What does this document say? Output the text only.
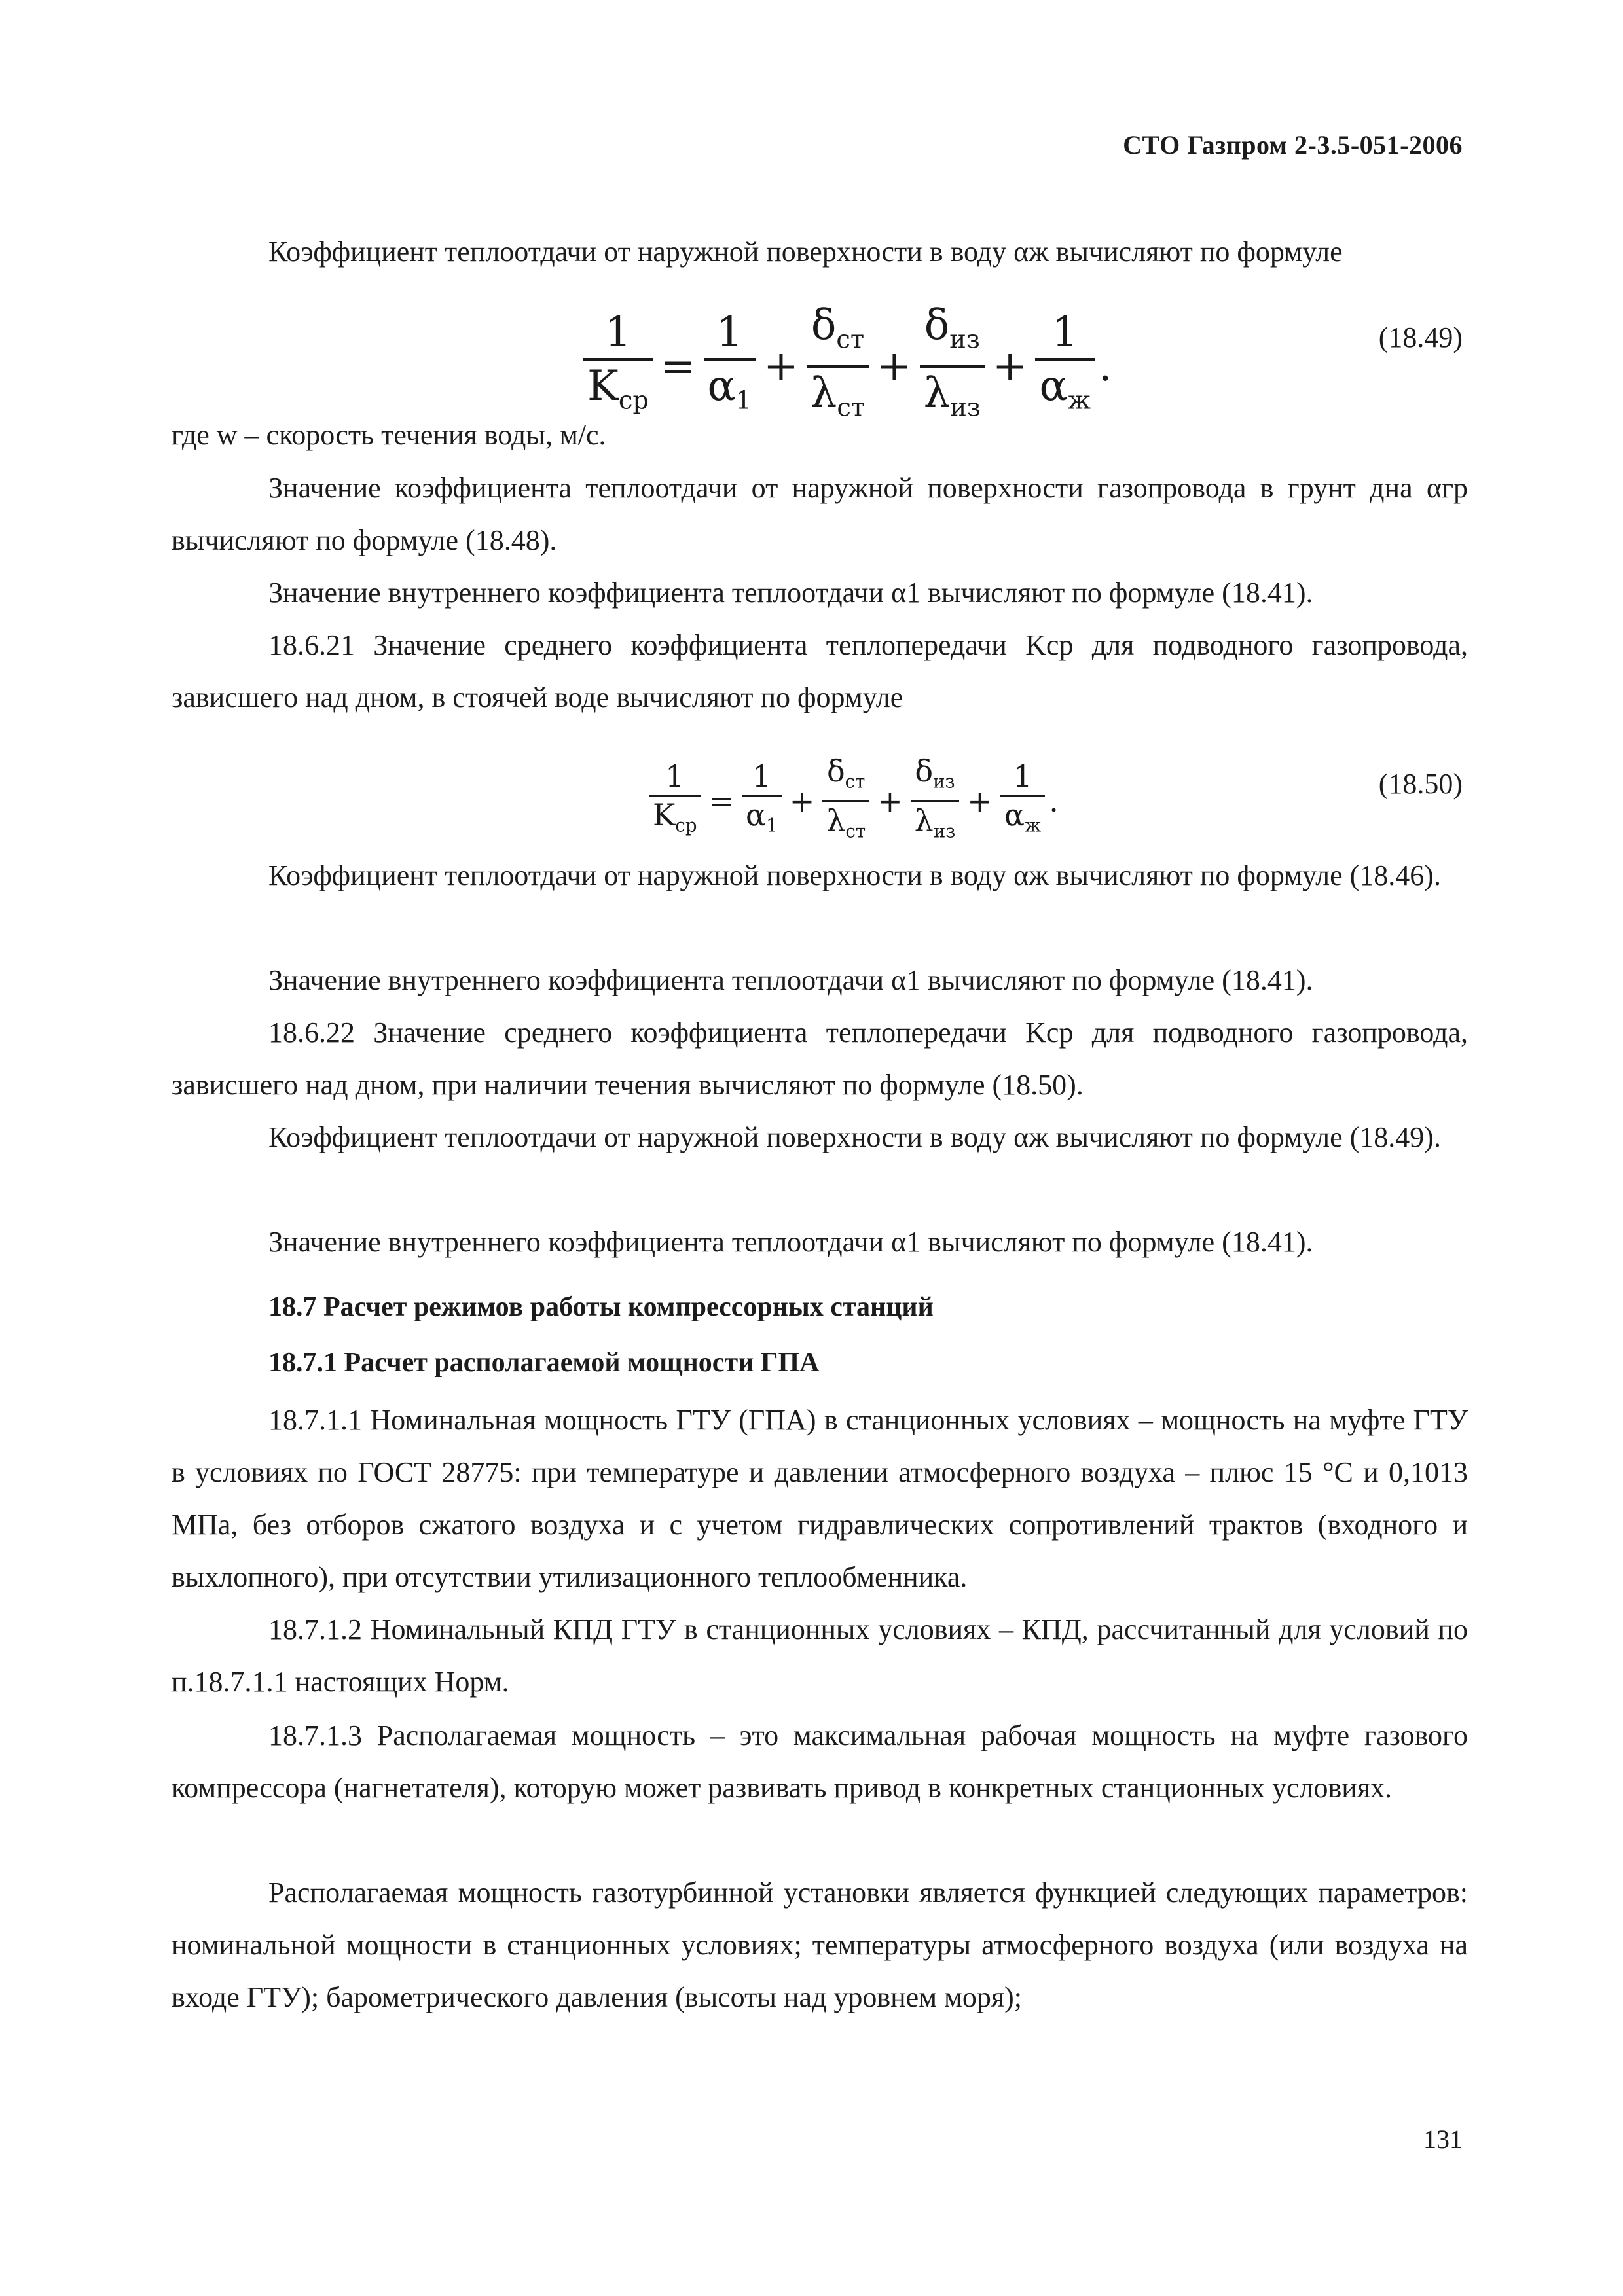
СТО Газпром 2-3.5-051-2006

Коэффициент теплоотдачи от наружной поверхности в воду αж вычисляют по формуле

$\frac{1}{K_{ср}} = \frac{1}{\alpha_1} + \frac{\delta_{ст}}{\lambda_{ст}} + \frac{\delta_{из}}{\lambda_{из}} + \frac{1}{\alpha_ж}$ .
(18.49)

где w – скорость течения воды, м/с.

Значение коэффициента теплоотдачи от наружной поверхности газопровода в грунт дна αгр вычисляют по формуле (18.48).

Значение внутреннего коэффициента теплоотдачи α1 вычисляют по формуле (18.41).

18.6.21 Значение среднего коэффициента теплопередачи Kср для подводного газопровода, зависшего над дном, в стоячей воде вычисляют по формуле

$\frac{1}{K_{ср}} = \frac{1}{\alpha_1} + \frac{\delta_{ст}}{\lambda_{ст}} + \frac{\delta_{из}}{\lambda_{из}} + \frac{1}{\alpha_ж}$ .	(18.50)

Коэффициент теплоотдачи от наружной поверхности в воду αж вычисляют по формуле (18.46).

Значение внутреннего коэффициента теплоотдачи α1 вычисляют по формуле (18.41).

18.6.22 Значение среднего коэффициента теплопередачи Kср для подводного газопровода, зависшего над дном, при наличии течения вычисляют по формуле (18.50).

Коэффициент теплоотдачи от наружной поверхности в воду αж вычисляют по формуле (18.49).

Значение внутреннего коэффициента теплоотдачи α1 вычисляют по формуле (18.41).

18.7 Расчет режимов работы компрессорных станций
18.7.1 Расчет располагаемой мощности ГПА

18.7.1.1 Номинальная мощность ГТУ (ГПА) в станционных условиях – мощность на муфте ГТУ в условиях по ГОСТ 28775: при температуре и давлении атмосферного воздуха – плюс 15 °С и 0,1013 МПа, без отборов сжатого воздуха и с учетом гидравлических сопротивлений трактов (входного и выхлопного), при отсутствии утилизационного теплообменника.

18.7.1.2 Номинальный КПД ГТУ в станционных условиях – КПД, рассчитанный для условий по п.18.7.1.1 настоящих Норм.

18.7.1.3 Располагаемая мощность – это максимальная рабочая мощность на муфте газового компрессора (нагнетателя), которую может развивать привод в конкретных станционных условиях.

Располагаемая мощность газотурбинной установки является функцией следующих параметров: номинальной мощности в станционных условиях; температуры атмосферного воздуха (или воздуха на входе ГТУ); барометрического давления (высоты над уровнем моря);

131
